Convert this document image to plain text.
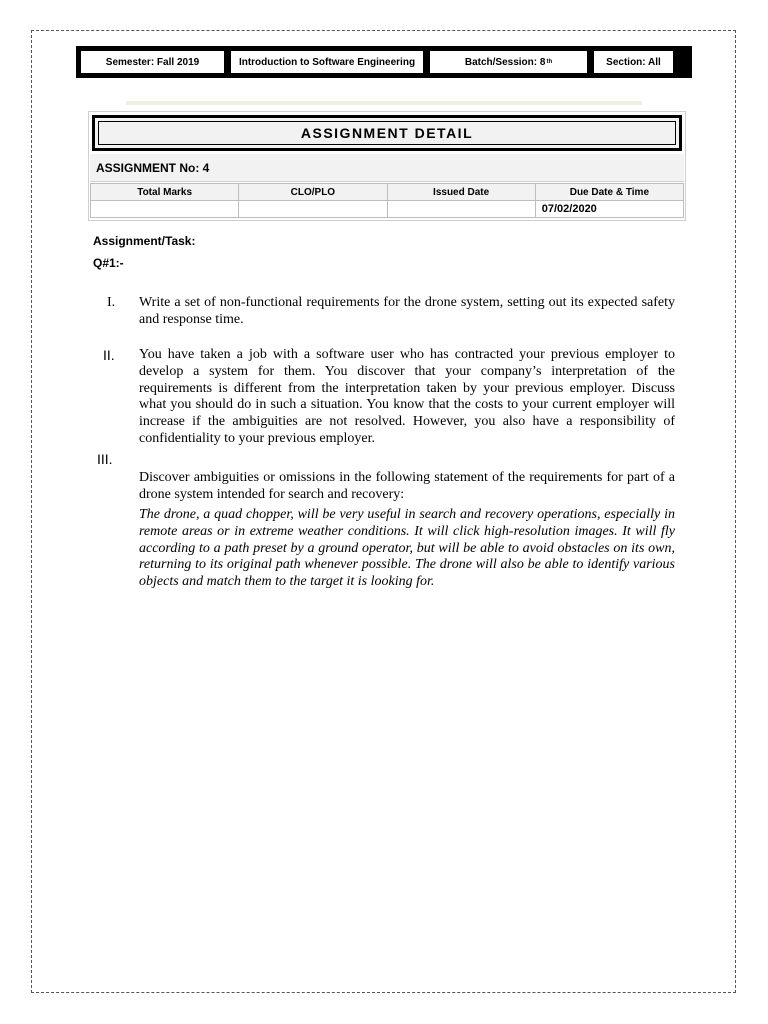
Semester: Fall 2019	Introduction to Software Engineering	Batch/Session: 8 th	Section: All
ASSIGNMENT DETAIL
ASSIGNMENT No: 4
Total Marks	CLO/PLO	Issued Date	Due Date & Time
			07/02/2020
Assignment/Task:
Q#1:-
I. Write a set of non-functional requirements for the drone system, setting out its expected safety and response time.
II. You have taken a job with a software user who has contracted your previous employer to develop a system for them. You discover that your company’s interpretation of the requirements is different from the interpretation taken by your previous employer. Discuss what you should do in such a situation. You know that the costs to your current employer will increase if the ambiguities are not resolved. However, you also have a responsibility of confidentiality to your previous employer.
III.
Discover ambiguities or omissions in the following statement of the requirements for part of a drone system intended for search and recovery:
The drone, a quad chopper, will be very useful in search and recovery operations, especially in remote areas or in extreme weather conditions. It will click high-resolution images. It will fly according to a path preset by a ground operator, but will be able to avoid obstacles on its own, returning to its original path whenever possible. The drone will also be able to identify various objects and match them to the target it is looking for.
